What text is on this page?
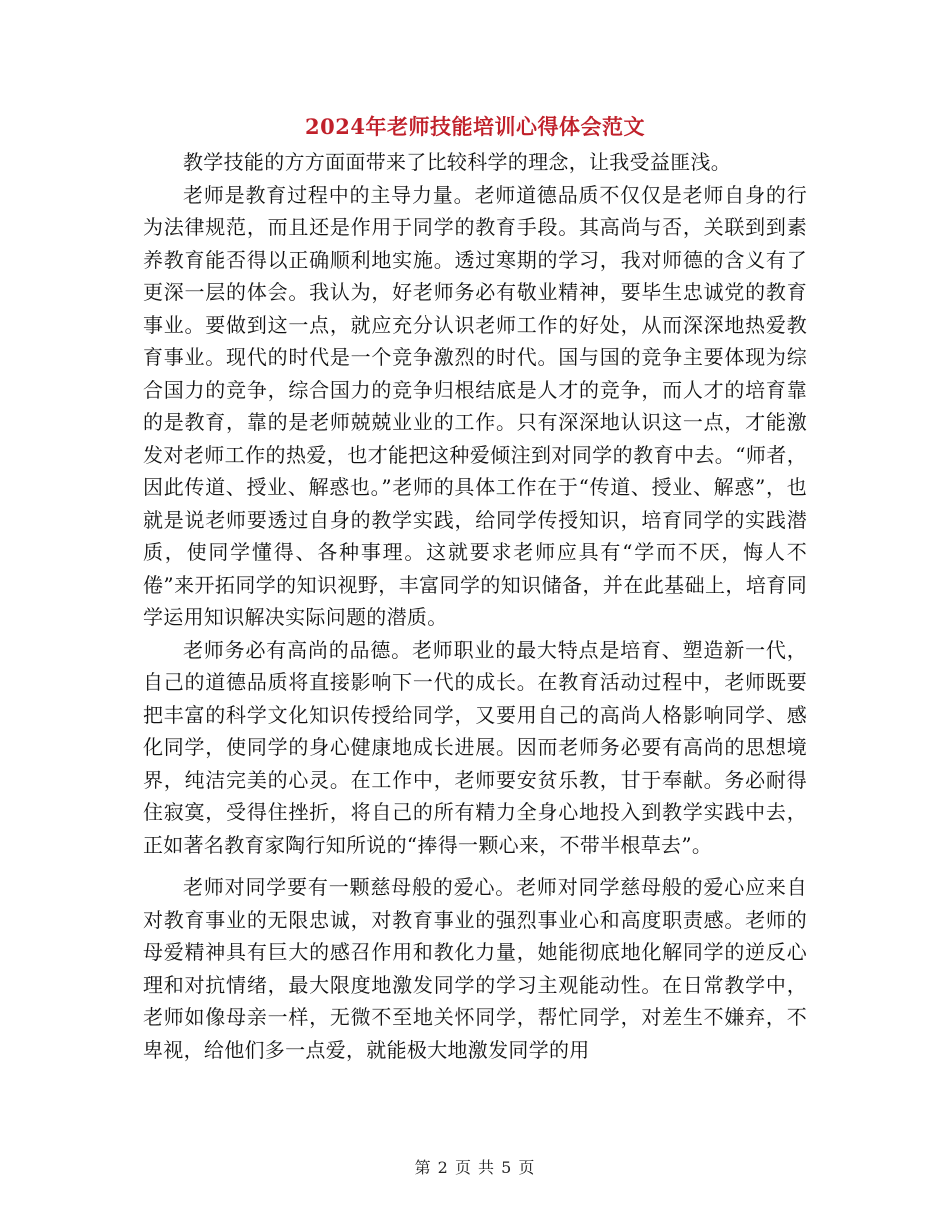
2024年老师技能培训心得体会范文

教学技能的方方面面带来了比较科学的理念，让我受益匪浅。

老师是教育过程中的主导力量。老师道德品质不仅仅是老师自身的行为法律规范，而且还是作用于同学的教育手段。其高尚与否，关联到到素养教育能否得以正确顺利地实施。透过寒期的学习，我对师德的含义有了更深一层的体会。我认为，好老师务必有敬业精神，要毕生忠诚党的教育事业。要做到这一点，就应充分认识老师工作的好处，从而深深地热爱教育事业。现代的时代是一个竞争激烈的时代。国与国的竞争主要体现为综合国力的竞争，综合国力的竞争归根结底是人才的竞争，而人才的培育靠的是教育，靠的是老师兢兢业业的工作。只有深深地认识这一点，才能激发对老师工作的热爱，也才能把这种爱倾注到对同学的教育中去。“师者，因此传道、授业、解惑也。”老师的具体工作在于“传道、授业、解惑”，也就是说老师要透过自身的教学实践，给同学传授知识，培育同学的实践潜质，使同学懂得、各种事理。这就要求老师应具有“学而不厌，悔人不倦”来开拓同学的知识视野，丰富同学的知识储备，并在此基础上，培育同学运用知识解决实际问题的潜质。

老师务必有高尚的品德。老师职业的最大特点是培育、塑造新一代，自己的道德品质将直接影响下一代的成长。在教育活动过程中，老师既要把丰富的科学文化知识传授给同学，又要用自己的高尚人格影响同学、感化同学，使同学的身心健康地成长进展。因而老师务必要有高尚的思想境界，纯洁完美的心灵。在工作中，老师要安贫乐教，甘于奉献。务必耐得住寂寞，受得住挫折，将自己的所有精力全身心地投入到教学实践中去，正如著名教育家陶行知所说的“捧得一颗心来，不带半根草去”。

老师对同学要有一颗慈母般的爱心。老师对同学慈母般的爱心应来自对教育事业的无限忠诚，对教育事业的强烈事业心和高度职责感。老师的母爱精神具有巨大的感召作用和教化力量，她能彻底地化解同学的逆反心理和对抗情绪，最大限度地激发同学的学习主观能动性。在日常教学中，老师如像母亲一样，无微不至地关怀同学，帮忙同学，对差生不嫌弃，不卑视，给他们多一点爱，就能极大地激发同学的用

第 2 页 共 5 页
